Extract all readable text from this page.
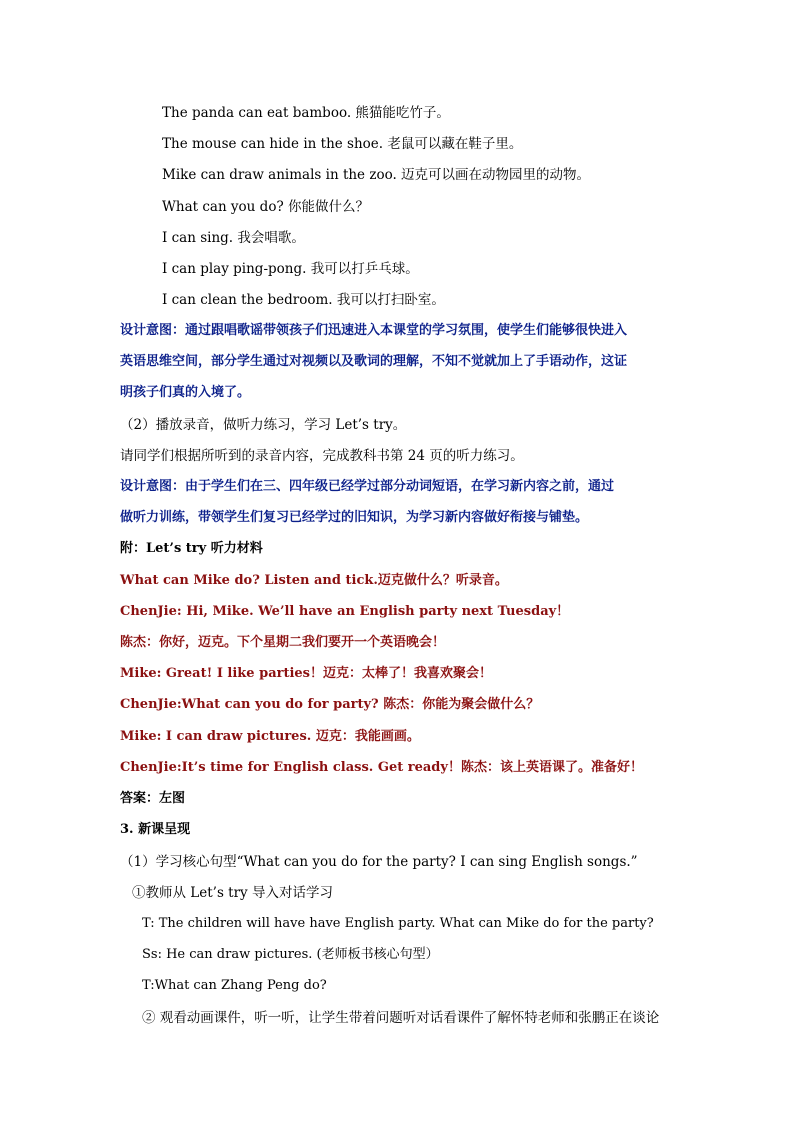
The panda can eat bamboo. 熊猫能吃竹子。
The mouse can hide in the shoe. 老鼠可以藏在鞋子里。
Mike can draw animals in the zoo. 迈克可以画在动物园里的动物。
What can you do? 你能做什么？
I can sing. 我会唱歌。
I can play ping-pong. 我可以打乒乓球。
I can clean the bedroom. 我可以打扫卧室。
设计意图：通过跟唱歌谣带领孩子们迅速进入本课堂的学习氛围，使学生们能够很快进入
英语思维空间，部分学生通过对视频以及歌词的理解，不知不觉就加上了手语动作，这证
明孩子们真的入境了。
（2）播放录音，做听力练习，学习 Let’s try。
请同学们根据所听到的录音内容，完成教科书第 24 页的听力练习。
设计意图：由于学生们在三、四年级已经学过部分动词短语，在学习新内容之前，通过
做听力训练，带领学生们复习已经学过的旧知识，为学习新内容做好衔接与铺垫。
附：Let’s try 听力材料
What can Mike do? Listen and tick.迈克做什么？听录音。
ChenJie: Hi, Mike. We’ll have an English party next Tuesday！
陈杰：你好，迈克。下个星期二我们要开一个英语晚会！
Mike: Great! I like parties！迈克：太棒了！我喜欢聚会！
ChenJie:What can you do for party? 陈杰：你能为聚会做什么？
Mike: I can draw pictures. 迈克：我能画画。
ChenJie:It’s time for English class. Get ready！陈杰：该上英语课了。准备好！
答案：左图
3. 新课呈现
（1）学习核心句型“What can you do for the party? I can sing English songs.”
①教师从 Let’s try 导入对话学习
T: The children will have have English party. What can Mike do for the party?
Ss: He can draw pictures. (老师板书核心句型）
T:What can Zhang Peng do?
② 观看动画课件，听一听，让学生带着问题听对话看课件了解怀特老师和张鹏正在谈论
